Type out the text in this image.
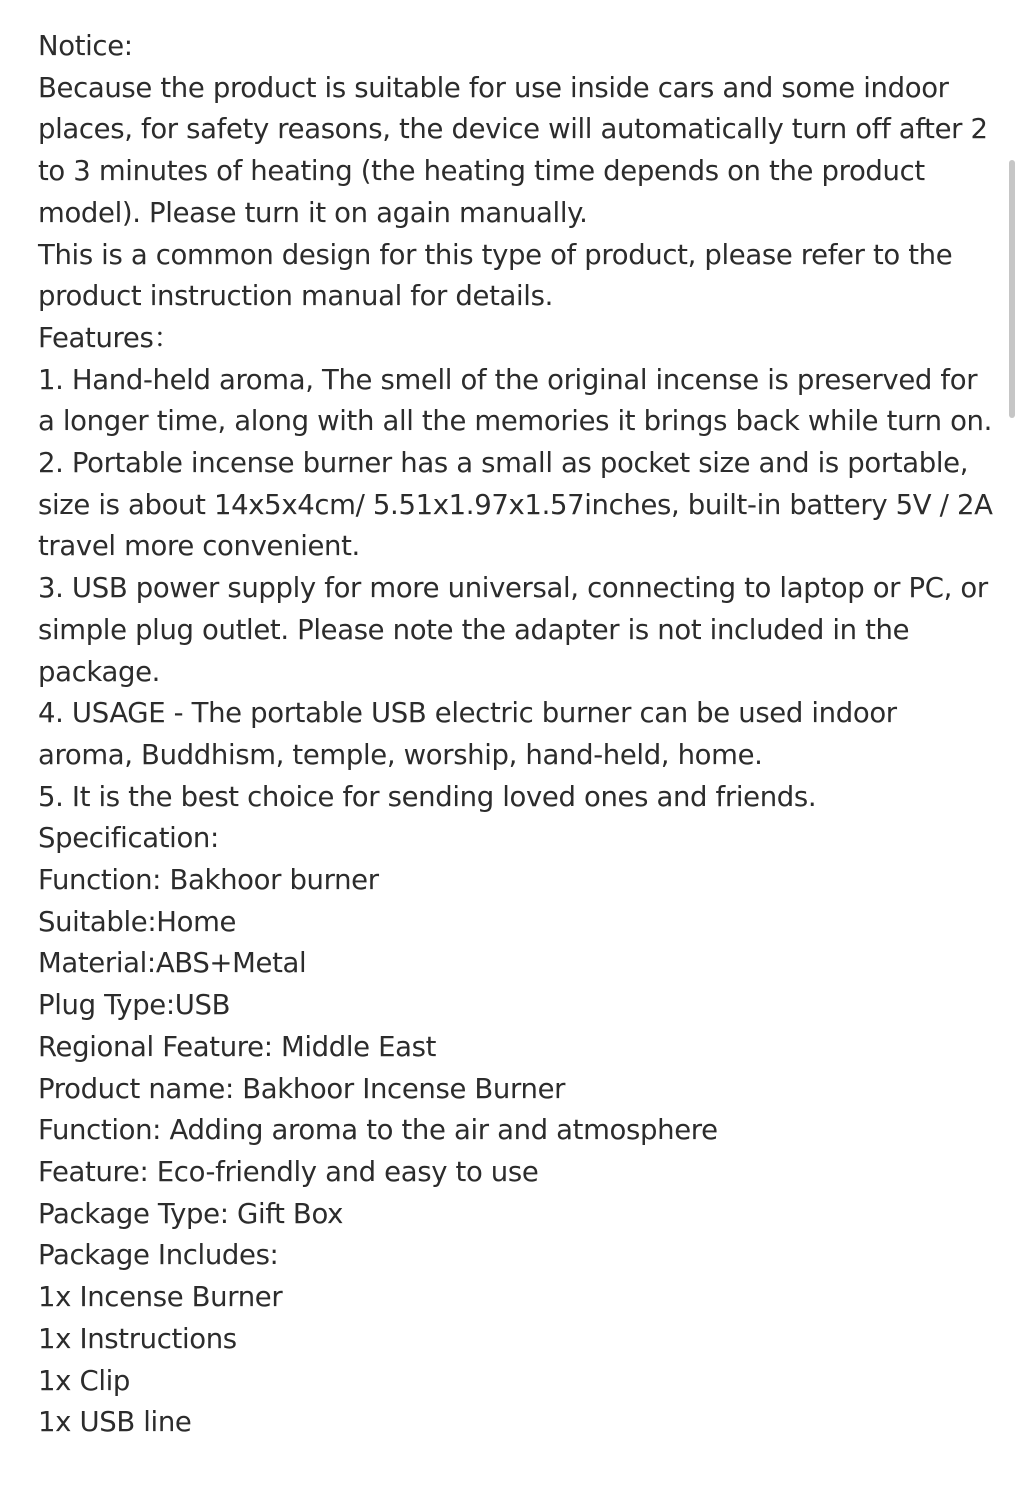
Notice:

Because the product is suitable for use inside cars and some indoor places, for safety reasons, the device will automatically turn off after 2 to 3 minutes of heating (the heating time depends on the product model). Please turn it on again manually.

This is a common design for this type of product, please refer to the product instruction manual for details.

Features：

1. Hand-held aroma, The smell of the original incense is preserved for a longer time, along with all the memories it brings back while turn on.

2. Portable incense burner has a small as pocket size and is portable, size is about 14x5x4cm/ 5.51x1.97x1.57inches, built-in battery 5V / 2A travel more convenient.

3. USB power supply for more universal, connecting to laptop or PC, or simple plug outlet. Please note the adapter is not included in the package.

4. USAGE - The portable USB electric burner can be used indoor aroma, Buddhism, temple, worship, hand-held, home.

5. It is the best choice for sending loved ones and friends.

Specification:

Function: Bakhoor burner

Suitable:Home

Material:ABS+Metal

Plug Type:USB

Regional Feature: Middle East

Product name: Bakhoor Incense Burner

Function: Adding aroma to the air and atmosphere

Feature: Eco-friendly and easy to use

Package Type: Gift Box

Package Includes:

1x Incense Burner

1x Instructions

1x Clip

1x USB line
